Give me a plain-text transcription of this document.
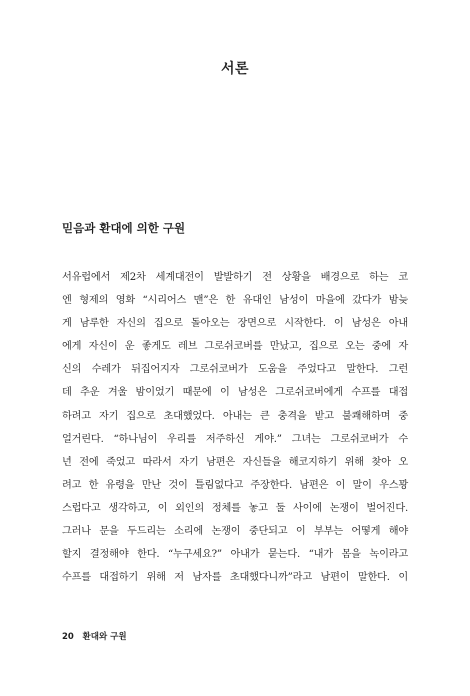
서론
믿음과 환대에 의한 구원
서유럽에서 제2차 세계대전이 발발하기 전 상황을 배경으로 하는 코
엔 형제의 영화 “시리어스 맨”은 한 유대인 남성이 마을에 갔다가 밤늦
게 남루한 자신의 집으로 돌아오는 장면으로 시작한다. 이 남성은 아내
에게 자신이 운 좋게도 레브 그로쉬코버를 만났고, 집으로 오는 중에 자
신의 수레가 뒤집어지자 그로쉬코버가 도움을 주었다고 말한다. 그런
데 추운 겨울 밤이었기 때문에 이 남성은 그로쉬코버에게 수프를 대접
하려고 자기 집으로 초대했었다. 아내는 큰 충격을 받고 불쾌해하며 중
얼거린다. “하나님이 우리를 저주하신 게야.” 그녀는 그로쉬코버가 수
년 전에 죽었고 따라서 자기 남편은 자신들을 해코지하기 위해 찾아 오
려고 한 유령을 만난 것이 틀림없다고 주장한다. 남편은 이 말이 우스꽝
스럽다고 생각하고, 이 외인의 정체를 놓고 둘 사이에 논쟁이 벌어진다.
그러나 문을 두드리는 소리에 논쟁이 중단되고 이 부부는 어떻게 해야
할지 결정해야 한다. “누구세요?” 아내가 묻는다. “내가 몸을 녹이라고
수프를 대접하기 위해 저 남자를 초대했다니까”라고 남편이 말한다. 이
20 환대와 구원
